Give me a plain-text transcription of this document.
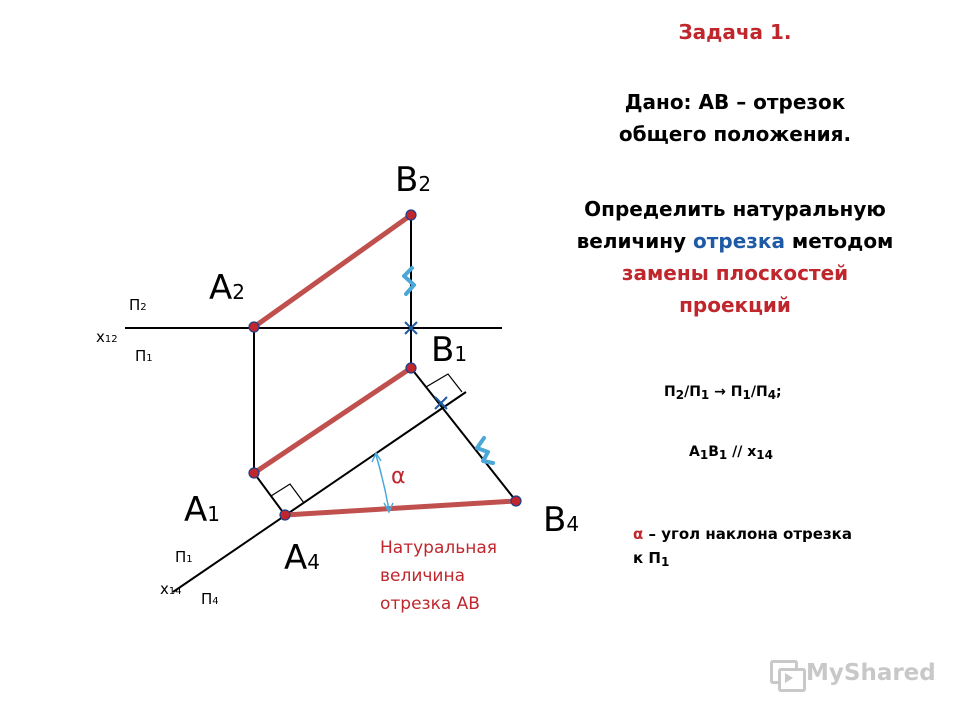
В2
А2
В1
А1
А4
В4
П2
х12
П1
П1
х14 П4
α
Натуральная
величина
отрезка АВ
Задача 1.
Дано: АВ – отрезок
общего положения.
Определить натуральную
величину отрезка методом
замены плоскостей
проекций
П2/П1 → П1/П4;
А1В1 // х14
α – угол наклона отрезка
к $П_1$
MyShared
